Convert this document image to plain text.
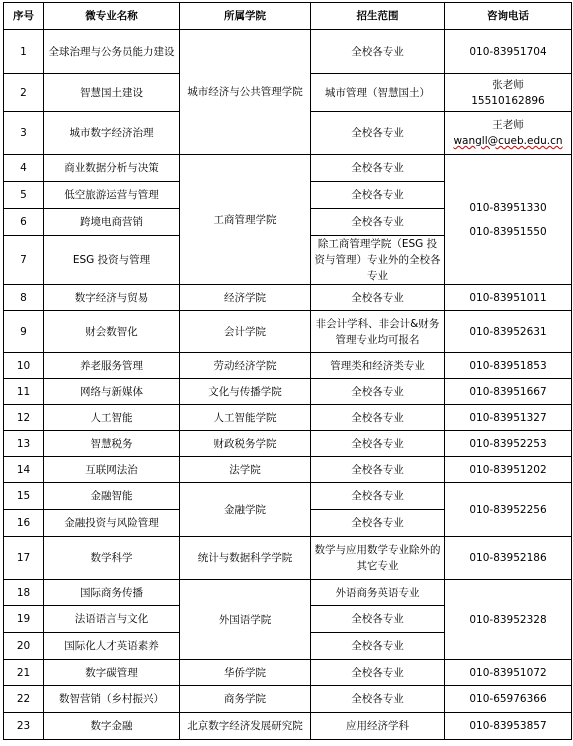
序号	微专业名称	所属学院	招生范围	咨询电话
1	全球治理与公务员能力建设	城市经济与公共管理学院	全校各专业	010-83951704
2	智慧国土建设		城市管理（智慧国土）	张老师
15510162896

3	城市数字经济治理		全校各专业	王老师
wangll@cueb.edu.cn

4	商业数据分析与决策	工商管理学院	全校各专业	010-83951330
010-83951550

5	低空旅游运营与管理		全校各专业	
6	跨境电商营销		全校各专业	
7	ESG 投资与管理		除工商管理学院（ESG 投资与管理）专业外的全校各专业	
8	数字经济与贸易	经济学院	全校各专业	010-83951011
9	财会数智化	会计学院	非会计学科、非会计&财务管理专业均可报名	010-83952631
10	养老服务管理	劳动经济学院	管理类和经济类专业	010-83951853
11	网络与新媒体	文化与传播学院	全校各专业	010-83951667
12	人工智能	人工智能学院	全校各专业	010-83951327
13	智慧税务	财政税务学院	全校各专业	010-83952253
14	互联网法治	法学院	全校各专业	010-83951202
15	金融智能	金融学院	全校各专业	010-83952256
16	金融投资与风险管理		全校各专业	
17	数学科学	统计与数据科学学院	数学与应用数学专业除外的其它专业	010-83952186
18	国际商务传播	外国语学院	外语商务英语专业	010-83952328
19	法语语言与文化		全校各专业	
20	国际化人才英语素养		全校各专业	
21	数字碳管理	华侨学院	全校各专业	010-83951072
22	数智营销（乡村振兴）	商务学院	全校各专业	010-65976366
23	数字金融	北京数字经济发展研究院	应用经济学科	010-83953857
